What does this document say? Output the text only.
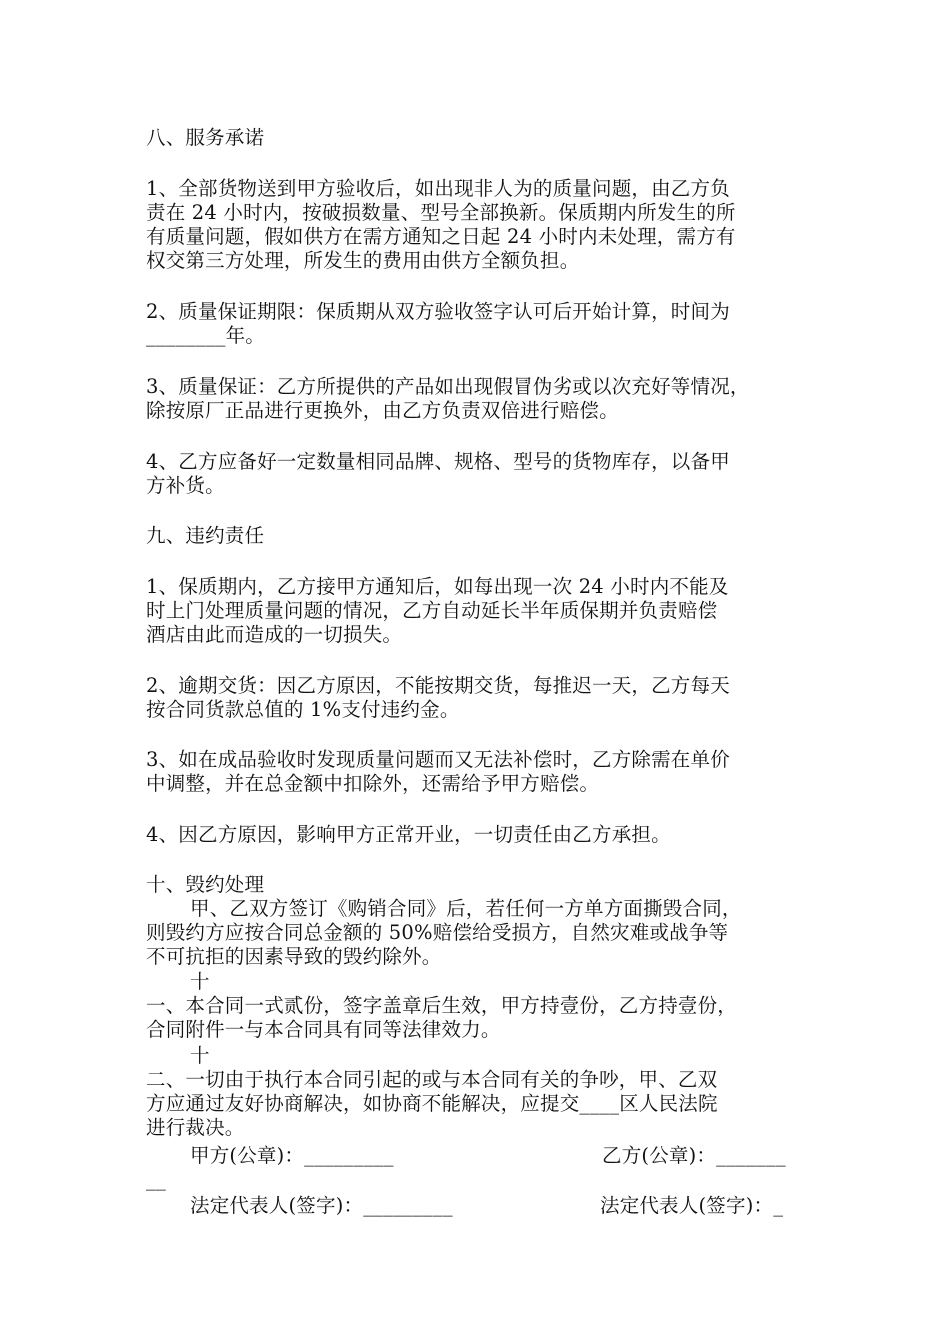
八、服务承诺

1、全部货物送到甲方验收后，如出现非人为的质量问题，由乙方负

责在 24 小时内，按破损数量、型号全部换新。保质期内所发生的所

有质量问题，假如供方在需方通知之日起 24 小时内未处理，需方有

权交第三方处理，所发生的费用由供方全额负担。

2、质量保证期限：保质期从双方验收签字认可后开始计算，时间为

________年。

3、质量保证：乙方所提供的产品如出现假冒伪劣或以次充好等情况，

除按原厂正品进行更换外，由乙方负责双倍进行赔偿。

4、乙方应备好一定数量相同品牌、规格、型号的货物库存，以备甲

方补货。

九、违约责任

1、保质期内，乙方接甲方通知后，如每出现一次 24 小时内不能及

时上门处理质量问题的情况，乙方自动延长半年质保期并负责赔偿

酒店由此而造成的一切损失。

2、逾期交货：因乙方原因，不能按期交货，每推迟一天，乙方每天

按合同货款总值的 1%支付违约金。

3、如在成品验收时发现质量问题而又无法补偿时，乙方除需在单价

中调整，并在总金额中扣除外，还需给予甲方赔偿。

4、因乙方原因，影响甲方正常开业，一切责任由乙方承担。

十、毁约处理

甲、乙双方签订《购销合同》后，若任何一方单方面撕毁合同，

则毁约方应按合同总金额的 50%赔偿给受损方，自然灾难或战争等

不可抗拒的因素导致的毁约除外。

十

一、本合同一式贰份，签字盖章后生效，甲方持壹份，乙方持壹份，

合同附件一与本合同具有同等法律效力。

十

二、一切由于执行本合同引起的或与本合同有关的争吵，甲、乙双

方应通过友好协商解决，如协商不能解决，应提交____区人民法院

进行裁决。

甲方(公章)：_________	乙方(公章)：_______

__

法定代表人(签字)：_________	法定代表人(签字)：_
